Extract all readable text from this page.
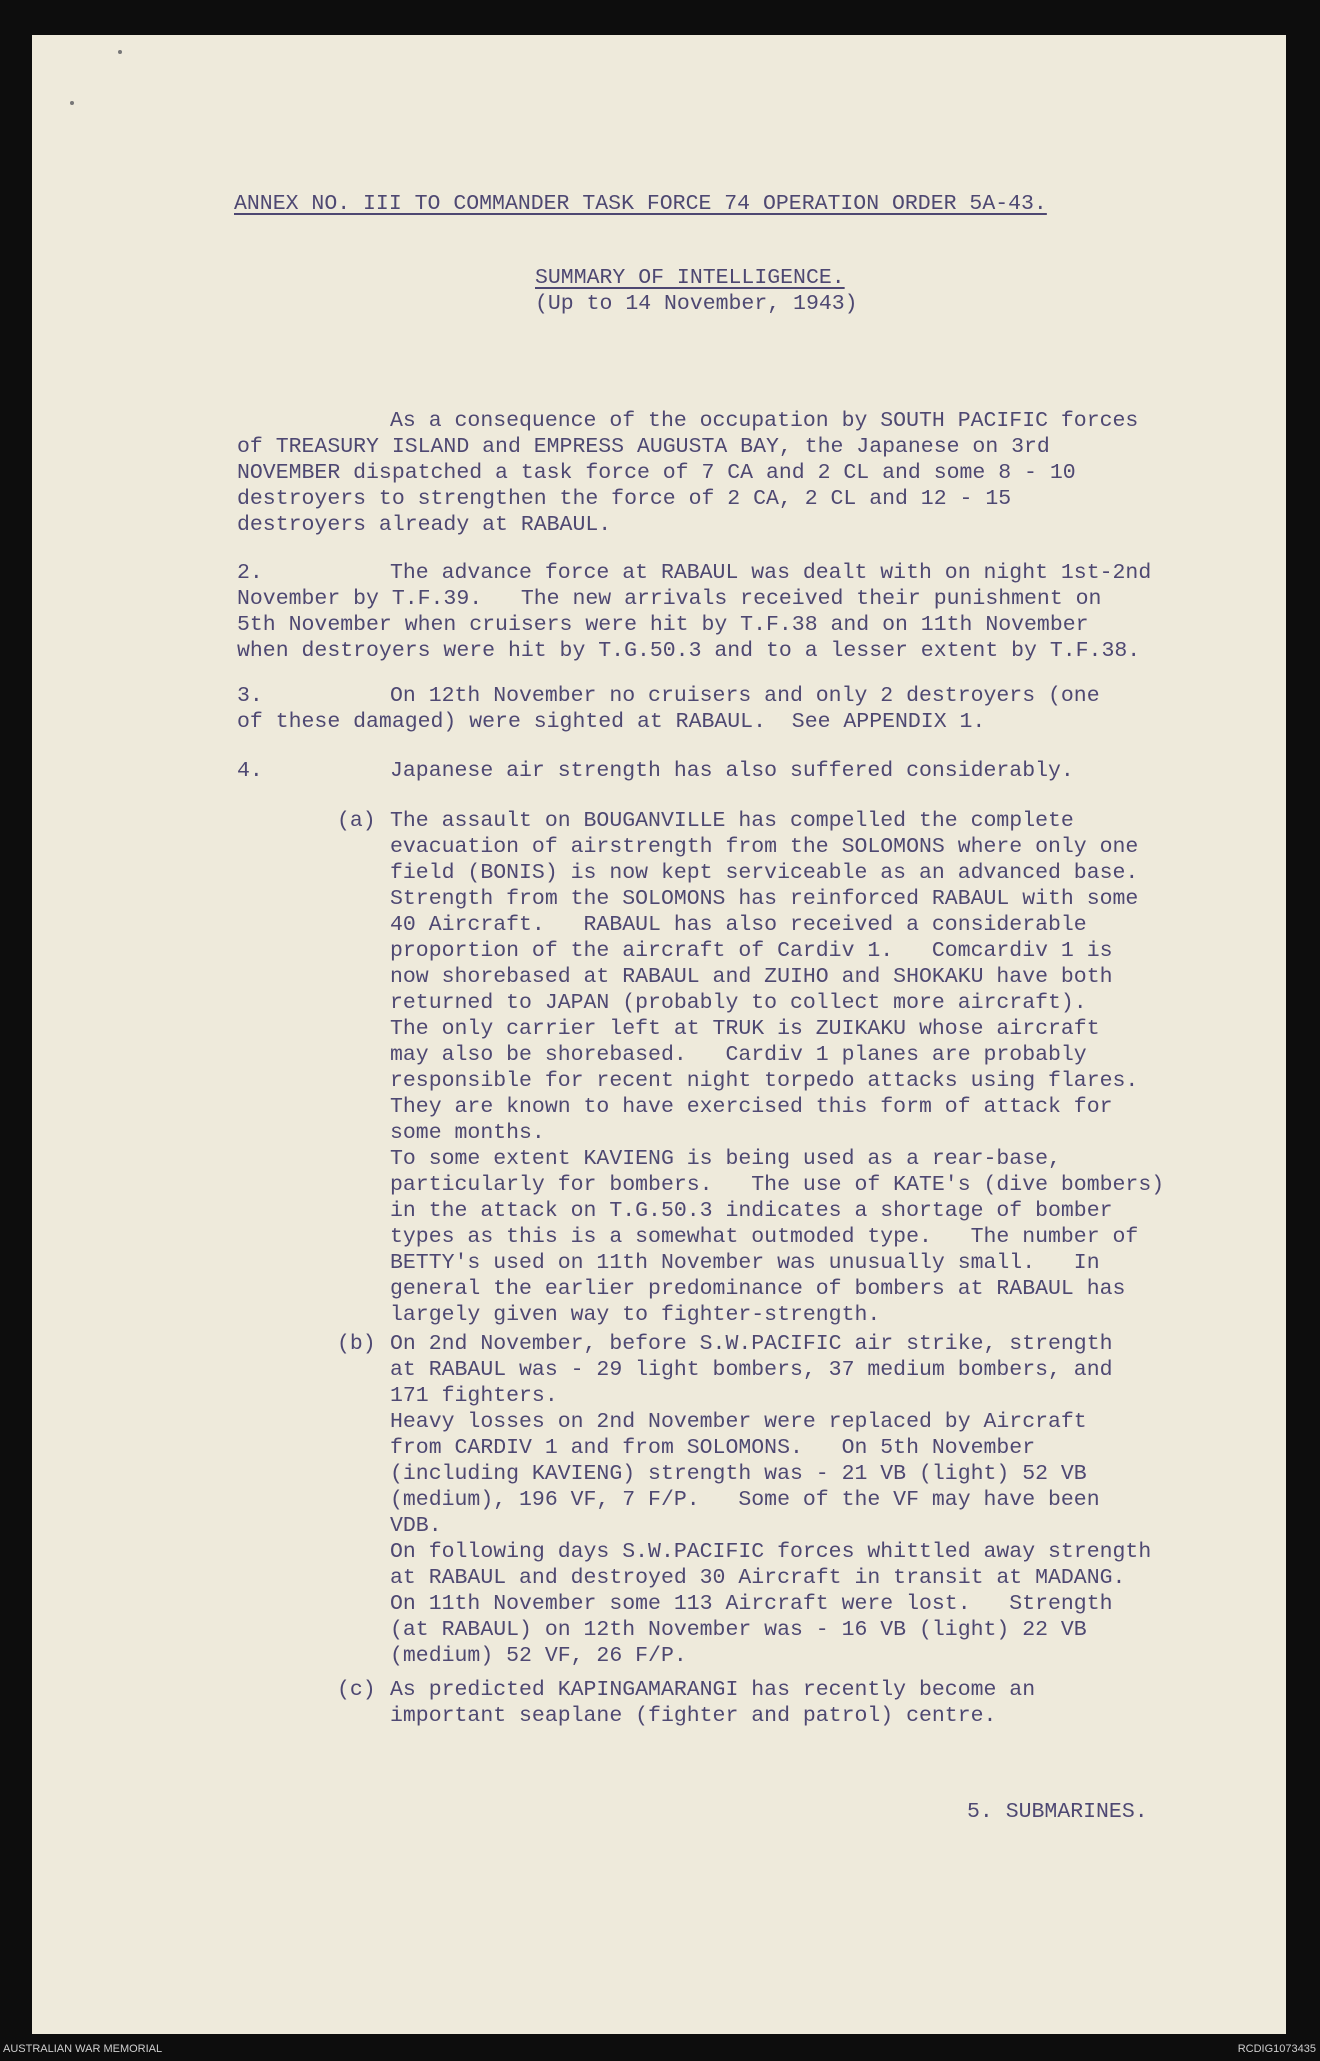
ANNEX NO. III TO COMMANDER TASK FORCE 74 OPERATION ORDER 5A-43.

SUMMARY OF INTELLIGENCE.

(Up to 14 November, 1943)

As a consequence of the occupation by SOUTH PACIFIC forces

of TREASURY ISLAND and EMPRESS AUGUSTA BAY, the Japanese on 3rd

NOVEMBER dispatched a task force of 7 CA and 2 CL and some 8 - 10

destroyers to strengthen the force of 2 CA, 2 CL and 12 - 15

destroyers already at RABAUL.

2.	The advance force at RABAUL was dealt with on night 1st-2nd

November by T.F.39.   The new arrivals received their punishment on

5th November when cruisers were hit by T.F.38 and on 11th November

when destroyers were hit by T.G.50.3 and to a lesser extent by T.F.38.

3.	On 12th November no cruisers and only 2 destroyers (one

of these damaged) were sighted at RABAUL.  See APPENDIX 1.

4.	Japanese air strength has also suffered considerably.

(a) The assault on BOUGANVILLE has compelled the complete

evacuation of airstrength from the SOLOMONS where only one

field (BONIS) is now kept serviceable as an advanced base.

Strength from the SOLOMONS has reinforced RABAUL with some

40 Aircraft.   RABAUL has also received a considerable

proportion of the aircraft of Cardiv 1.   Comcardiv 1 is

now shorebased at RABAUL and ZUIHO and SHOKAKU have both

returned to JAPAN (probably to collect more aircraft).

The only carrier left at TRUK is ZUIKAKU whose aircraft

may also be shorebased.   Cardiv 1 planes are probably

responsible for recent night torpedo attacks using flares.

They are known to have exercised this form of attack for

some months.

To some extent KAVIENG is being used as a rear-base,

particularly for bombers.   The use of KATE's (dive bombers)

in the attack on T.G.50.3 indicates a shortage of bomber

types as this is a somewhat outmoded type.   The number of

BETTY's used on 11th November was unusually small.   In

general the earlier predominance of bombers at RABAUL has

largely given way to fighter-strength.

(b) On 2nd November, before S.W.PACIFIC air strike, strength

at RABAUL was - 29 light bombers, 37 medium bombers, and

171 fighters.

Heavy losses on 2nd November were replaced by Aircraft

from CARDIV 1 and from SOLOMONS.   On 5th November

(including KAVIENG) strength was - 21 VB (light) 52 VB

(medium), 196 VF, 7 F/P.   Some of the VF may have been

VDB.

On following days S.W.PACIFIC forces whittled away strength

at RABAUL and destroyed 30 Aircraft in transit at MADANG.

On 11th November some 113 Aircraft were lost.   Strength

(at RABAUL) on 12th November was - 16 VB (light) 22 VB

(medium) 52 VF, 26 F/P.

(c) As predicted KAPINGAMARANGI has recently become an

important seaplane (fighter and patrol) centre.

5. SUBMARINES.

AUSTRALIAN WAR MEMORIAL	RCDIG1073435
